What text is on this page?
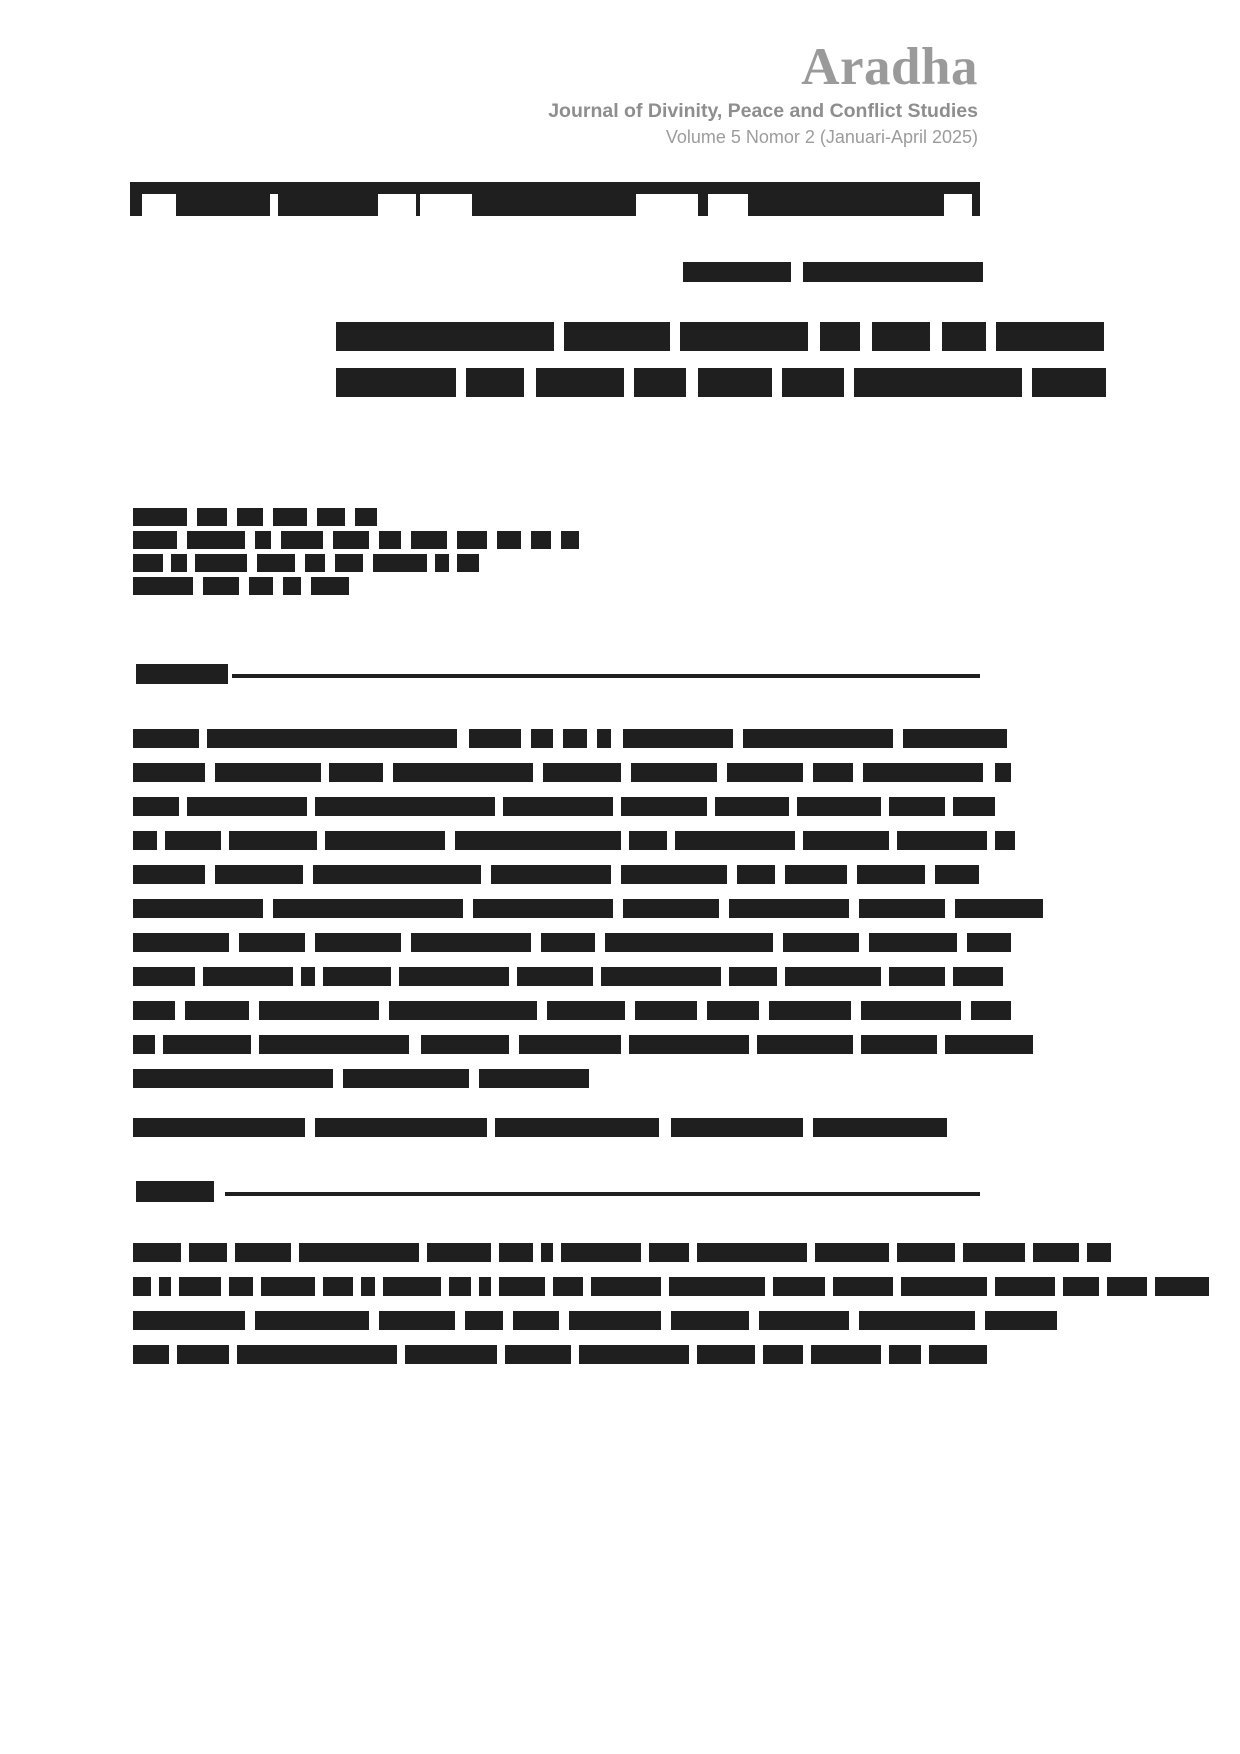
Aradha
Journal of Divinity, Peace and Conflict Studies
Volume 5 Nomor 2 (Januari-April 2025)
